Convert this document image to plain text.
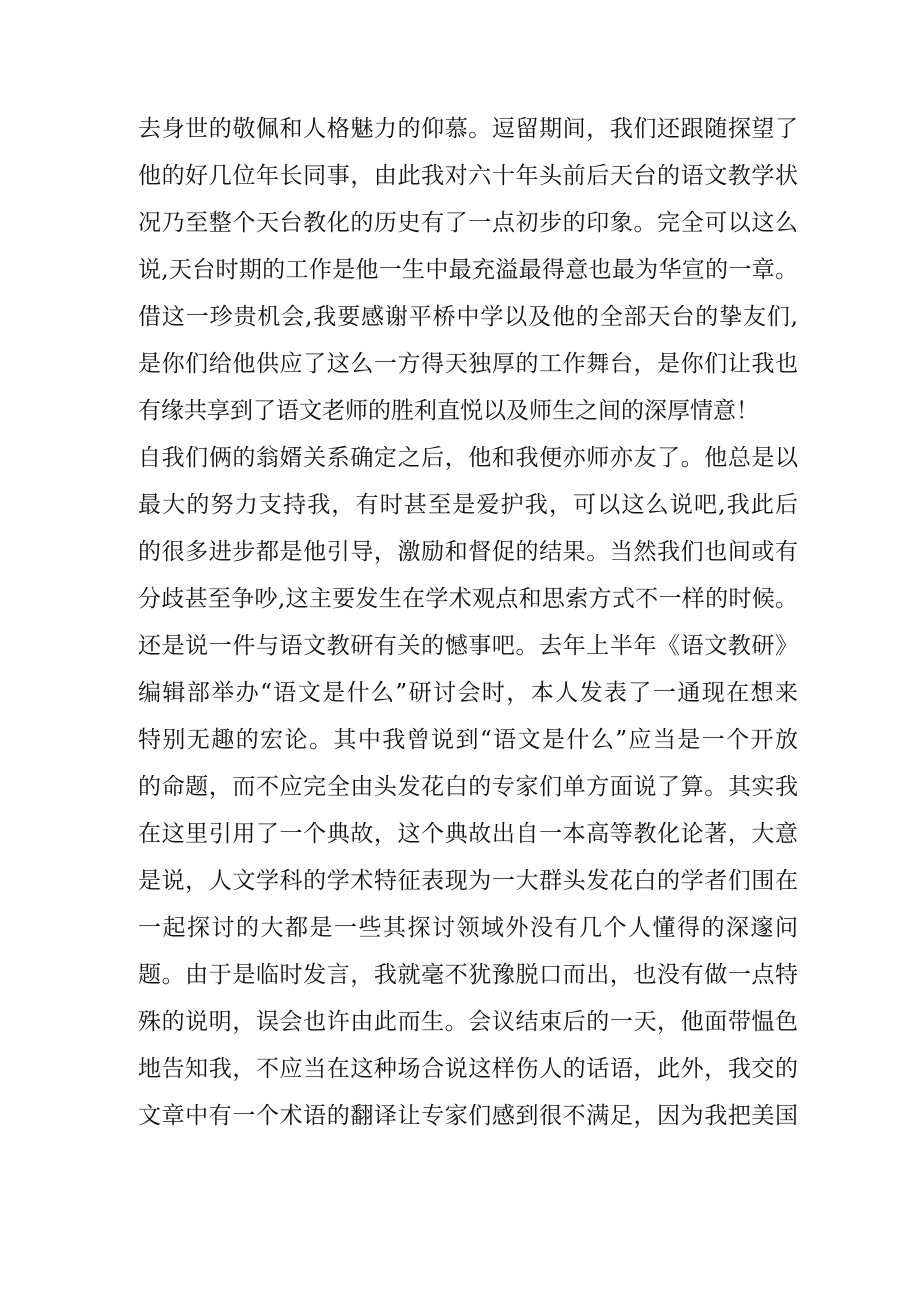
去身世的敬佩和人格魅力的仰慕。逗留期间，我们还跟随探望了
他的好几位年长同事，由此我对六十年头前后天台的语文教学状
况乃至整个天台教化的历史有了一点初步的印象。完全可以这么
说,天台时期的工作是他一生中最充溢最得意也最为华宣的一章。
借这一珍贵机会,我要感谢平桥中学以及他的全部天台的挚友们,
是你们给他供应了这么一方得天独厚的工作舞台，是你们让我也
有缘共享到了语文老师的胜利直悦以及师生之间的深厚情意！
自我们俩的翁婿关系确定之后，他和我便亦师亦友了。他总是以
最大的努力支持我，有时甚至是爱护我，可以这么说吧,我此后
的很多进步都是他引导，激励和督促的结果。当然我们也间或有
分歧甚至争吵,这主要发生在学术观点和思索方式不一样的时候。
还是说一件与语文教研有关的憾事吧。去年上半年《语文教研》
编辑部举办“语文是什么”研讨会时，本人发表了一通现在想来
特别无趣的宏论。其中我曾说到“语文是什么”应当是一个开放
的命题，而不应完全由头发花白的专家们单方面说了算。其实我
在这里引用了一个典故，这个典故出自一本高等教化论著，大意
是说，人文学科的学术特征表现为一大群头发花白的学者们围在
一起探讨的大都是一些其探讨领域外没有几个人懂得的深邃问
题。由于是临时发言，我就毫不犹豫脱口而出，也没有做一点特
殊的说明，误会也许由此而生。会议结束后的一天，他面带愠色
地告知我，不应当在这种场合说这样伤人的话语，此外，我交的
文章中有一个术语的翻译让专家们感到很不满足，因为我把美国
